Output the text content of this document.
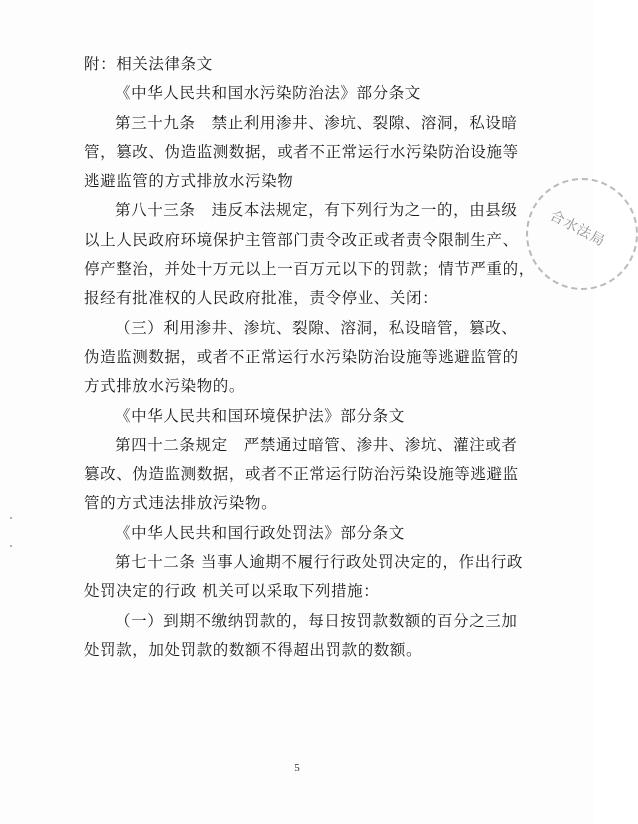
附：相关法律条文
《中华人民共和国水污染防治法》部分条文
第三十九条　禁止利用渗井、渗坑、裂隙、溶洞，私设暗
管，篡改、伪造监测数据，或者不正常运行水污染防治设施等
逃避监管的方式排放水污染物
第八十三条　违反本法规定，有下列行为之一的，由县级
以上人民政府环境保护主管部门责令改正或者责令限制生产、
停产整治，并处十万元以上一百万元以下的罚款；情节严重的，
报经有批准权的人民政府批准，责令停业、关闭：
（三）利用渗井、渗坑、裂隙、溶洞，私设暗管，篡改、
伪造监测数据，或者不正常运行水污染防治设施等逃避监管的
方式排放水污染物的。
《中华人民共和国环境保护法》部分条文
第四十二条规定　严禁通过暗管、渗井、渗坑、灌注或者
篡改、伪造监测数据，或者不正常运行防治污染设施等逃避监
管的方式违法排放污染物。
《中华人民共和国行政处罚法》部分条文
第七十二条 当事人逾期不履行行政处罚决定的，作出行政
处罚决定的行政 机关可以采取下列措施：
（一）到期不缴纳罚款的，每日按罚款数额的百分之三加
处罚款，加处罚款的数额不得超出罚款的数额。
合水法局
5
